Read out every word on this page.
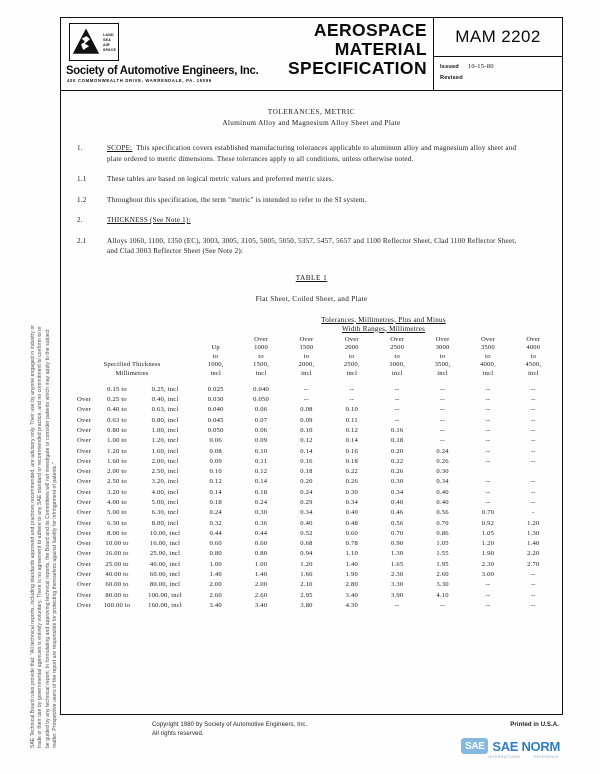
SAE Technical Board rules provide that: "All technical reports, including standards approved and practices recommended, are advisory only. Their use by anyone engaged in industry or trade or their use by governmental agencies is entirely voluntary. There is no agreement to adhere to any SAE standard or recommended practice, and no commitment to conform to or be guided by any technical report. In formulating and approving technical reports, the Board and its Committees will not investigate or consider patents which may apply to the subject matter. Prospective users of the report are responsible for protecting themselves against liability for infringement of patents."
LAND
SEA
AIR
SPACE
Society of Automotive Engineers, Inc.
400 COMMONWEALTH DRIVE, WARRENDALE, PA. 15096
AEROSPACE
MATERIAL
SPECIFICATION
MAM 2202
Issued 10-15-80
Revised
TOLERANCES, METRIC
Aluminum Alloy and Magnesium Alloy Sheet and Plate
1.	SCOPE: This specification covers established manufacturing tolerances applicable to aluminum alloy and magnesium alloy sheet and plate ordered to metric dimensions. These tolerances apply to all conditions, unless otherwise noted.
1.1	These tables are based on logical metric values and preferred metric sizes.
1.2	Throughout this specification, the term "metric" is intended to refer to the SI system.
2.	THICKNESS (See Note 1):
2.1	Alloys 1060, 1100, 1350 (EC), 3003, 3005, 3105, 5005, 5050, 5357, 5457, 5657 and 1100 Reflector Sheet, Clad 1100 Reflector Sheet, and Clad 3003 Reflector Sheet (See Note 2):
TABLE 1
Flat Sheet, Coiled Sheet, and Plate
Tolerances, Millimetres, Plus and Minus
Width Ranges, Millimetres
Specified Thickness
Millimetres			Up
to
1000,
incl	Over
1000
to
1500,
incl	Over
1500
to
2000,
incl	Over
2000
to
2500,
incl	Over
2500
to
3000,
incl	Over
3000
to
3500,
incl	Over
3500
to
4000,
incl	Over
4000
to
4500,
incl

	0.15 to	0.25, incl	0.025	0.040	--	--	--	--	--	--
Over	0.25 to	0.40, incl	0.030	0.050	--	--	--	--	--	--
Over	0.40 to	0.63, incl	0.040	0.06	0.08	0.10	--	--	--	--
Over	0.63 to	0.80, incl	0.045	0.07	0.09	0.11	--	--	--	--
Over	0.80 to	1.00, incl	0.050	0.06	0.10	0.12	0.16	--	--	--
Over	1.00 to	1.20, incl	0.06	0.09	0.12	0.14	0.18	--	--	--
Over	1.20 to	1.60, incl	0.08	0.10	0.14	0.16	0.20	0.24	--	--
Over	1.60 to	2.00, incl	0.09	0.11	0.16	0.18	0.22	0.26	--	--
Over	2.00 to	2.50, incl	0.10	0.12	0.18	0.22	0.26	0.30		
Over	2.50 to	3.20, incl	0.12	0.14	0.20	0.26	0.30	0.34	--	--
Over	3.20 to	4.00, incl	0.14	0.18	0.24	0.30	0.34	0.40	--	--
Over	4.00 to	5.00, incl	0.18	0.24	0.29	0.34	0.40	0.40	--	--
Over	5.00 to	6.30, incl	0.24	0.30	0.34	0.40	0.46	0.56	0.70	-
Over	6.30 to	8.00, incl	0.32	0.36	0.40	0.48	0.56	0.70	0.92	1.20
Over	8.00 to	10.00, incl	0.44	0.44	0.52	0.60	0.70	0.86	1.05	1.30
Over	10.00 to	16.00, incl	0.60	0.60	0.68	0.78	0.90	1.05	1.20	1.40
Over	16.00 to	25.00, incl	0.80	0.80	0.94	1.10	1.30	1.55	1.90	2.20
Over	25.00 to	40.00, incl	1.00	1.00	1.20	1.40	1.65	1.95	2.30	2.70
Over	40.00 to	60.00, incl	1.40	1.40	1.60	1.90	2.30	2.60	3.00	--
Over	60.00 to	80.00, incl	2.00	2.00	2.10	2.80	3.30	3.30	--	--
Over	80.00 to	100.00, incl	2.60	2.60	2.95	3.40	3.90	4.10	--	--
Over	100.00 to	160.00, incl	3.40	3.40	3.80	4.30	--	--	--	--
Copyright 1980 by Society of Automotive Engineers, Inc.
All rights reserved.
Printed in U.S.A.
SAE SAE NORM
INTERNATIONAL	REFERENCE
